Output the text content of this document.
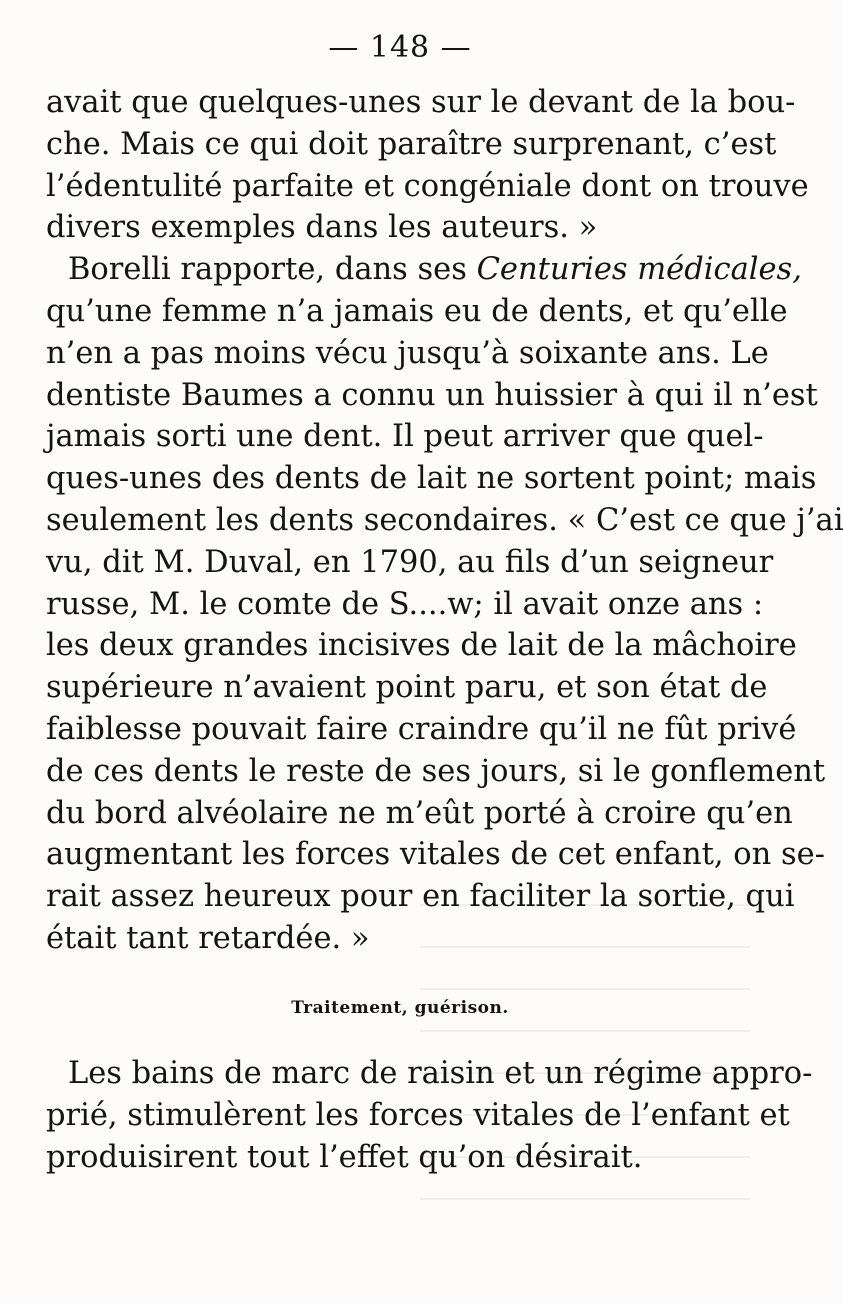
— 148 —
avait que quelques-unes sur le devant de la bou-
che. Mais ce qui doit paraître surprenant, c’est
l’édentulité parfaite et congéniale dont on trouve
divers exemples dans les auteurs. »
Borelli rapporte, dans ses Centuries médicales,
qu’une femme n’a jamais eu de dents, et qu’elle
n’en a pas moins vécu jusqu’à soixante ans. Le
dentiste Baumes a connu un huissier à qui il n’est
jamais sorti une dent. Il peut arriver que quel-
ques-unes des dents de lait ne sortent point; mais
seulement les dents secondaires. « C’est ce que j’ai
vu, dit M. Duval, en 1790, au fils d’un seigneur
russe, M. le comte de S....w; il avait onze ans :
les deux grandes incisives de lait de la mâchoire
supérieure n’avaient point paru, et son état de
faiblesse pouvait faire craindre qu’il ne fût privé
de ces dents le reste de ses jours, si le gonflement
du bord alvéolaire ne m’eût porté à croire qu’en
augmentant les forces vitales de cet enfant, on se-
rait assez heureux pour en faciliter la sortie, qui
était tant retardée. »
Traitement, guérison.
Les bains de marc de raisin et un régime appro-
prié, stimulèrent les forces vitales de l’enfant et
produisirent tout l’effet qu’on désirait.
